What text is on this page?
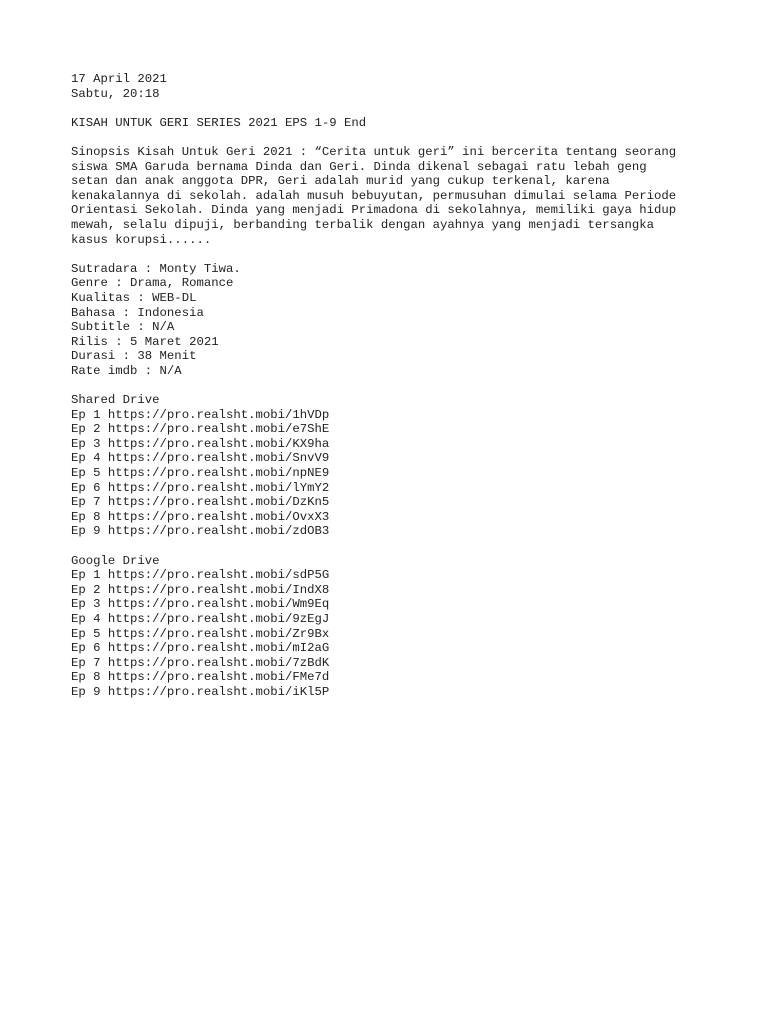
17 April 2021
Sabtu, 20:18
KISAH UNTUK GERI SERIES 2021 EPS 1-9 End
Sinopsis Kisah Untuk Geri 2021 : “Cerita untuk geri” ini bercerita tentang seorang
siswa SMA Garuda bernama Dinda dan Geri. Dinda dikenal sebagai ratu lebah geng
setan dan anak anggota DPR, Geri adalah murid yang cukup terkenal, karena
kenakalannya di sekolah. adalah musuh bebuyutan, permusuhan dimulai selama Periode
Orientasi Sekolah. Dinda yang menjadi Primadona di sekolahnya, memiliki gaya hidup
mewah, selalu dipuji, berbanding terbalik dengan ayahnya yang menjadi tersangka
kasus korupsi......
Sutradara : Monty Tiwa.
Genre : Drama, Romance
Kualitas : WEB-DL
Bahasa : Indonesia
Subtitle : N/A
Rilis : 5 Maret 2021
Durasi : 38 Menit
Rate imdb : N/A
Shared Drive
Ep 1 https://pro.realsht.mobi/1hVDp
Ep 2 https://pro.realsht.mobi/e7ShE
Ep 3 https://pro.realsht.mobi/KX9ha
Ep 4 https://pro.realsht.mobi/SnvV9
Ep 5 https://pro.realsht.mobi/npNE9
Ep 6 https://pro.realsht.mobi/lYmY2
Ep 7 https://pro.realsht.mobi/DzKn5
Ep 8 https://pro.realsht.mobi/OvxX3
Ep 9 https://pro.realsht.mobi/zdOB3
Google Drive
Ep 1 https://pro.realsht.mobi/sdP5G
Ep 2 https://pro.realsht.mobi/IndX8
Ep 3 https://pro.realsht.mobi/Wm9Eq
Ep 4 https://pro.realsht.mobi/9zEgJ
Ep 5 https://pro.realsht.mobi/Zr9Bx
Ep 6 https://pro.realsht.mobi/mI2aG
Ep 7 https://pro.realsht.mobi/7zBdK
Ep 8 https://pro.realsht.mobi/FMe7d
Ep 9 https://pro.realsht.mobi/iKl5P
